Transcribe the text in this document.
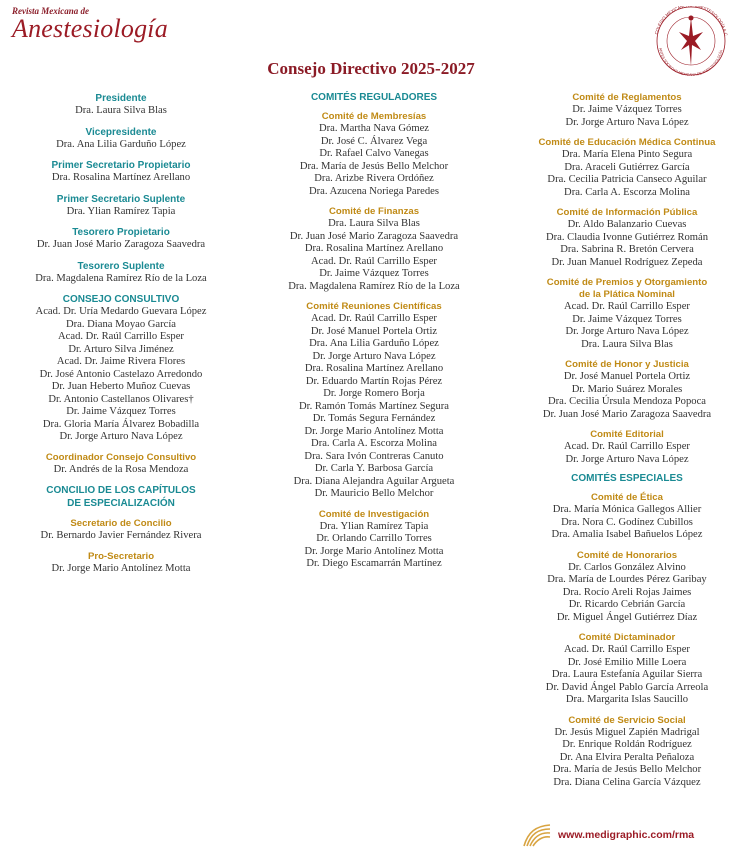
Revista Mexicana de
Anestesiología	COLEGIO MEXICANO NESTESIOLOGÍA A.C.
ANTES SOCIEDAD MEXICANA DE ANESTESIOLOGÍA
Consejo Directivo 2025-2027
Presidente
Dra. Laura Silva Blas
Vicepresidente
Dra. Ana Lilia Garduño López
Primer Secretario Propietario
Dra. Rosalina Martínez Arellano
Primer Secretario Suplente
Dra. Ylian Ramírez Tapia
Tesorero Propietario
Dr. Juan José Mario Zaragoza Saavedra
Tesorero Suplente
Dra. Magdalena Ramírez Río de la Loza
CONSEJO CONSULTIVO
Acad. Dr. Uría Medardo Guevara López
Dra. Diana Moyao García
Acad. Dr. Raúl Carrillo Esper
Dr. Arturo Silva Jiménez
Acad. Dr. Jaime Rivera Flores
Dr. José Antonio Castelazo Arredondo
Dr. Juan Heberto Muñoz Cuevas
Dr. Antonio Castellanos Olivares†
Dr. Jaime Vázquez Torres
Dra. Gloria María Álvarez Bobadilla
Dr. Jorge Arturo Nava López
Coordinador Consejo Consultivo
Dr. Andrés de la Rosa Mendoza
CONCILIO DE LOS CAPÍTULOS
DE ESPECIALIZACIÓN
Secretario de Concilio
Dr. Bernardo Javier Fernández Rivera
Pro-Secretario
Dr. Jorge Mario Antolínez Motta
COMITÉS REGULADORES
Comité de Membresías
Dra. Martha Nava Gómez
Dr. José C. Álvarez Vega
Dr. Rafael Calvo Vanegas
Dra. María de Jesús Bello Melchor
Dra. Arizbe Rivera Ordóñez
Dra. Azucena Noriega Paredes
Comité de Finanzas
Dra. Laura Silva Blas
Dr. Juan José Mario Zaragoza Saavedra
Dra. Rosalina Martínez Arellano
Acad. Dr. Raúl Carrillo Esper
Dr. Jaime Vázquez Torres
Dra. Magdalena Ramírez Río de la Loza
Comité Reuniones Científicas
Acad. Dr. Raúl Carrillo Esper
Dr. José Manuel Portela Ortiz
Dra. Ana Lilia Garduño López
Dr. Jorge Arturo Nava López
Dra. Rosalina Martínez Arellano
Dr. Eduardo Martín Rojas Pérez
Dr. Jorge Romero Borja
Dr. Ramón Tomás Martínez Segura
Dr. Tomás Segura Fernández
Dr. Jorge Mario Antolínez Motta
Dra. Carla A. Escorza Molina
Dra. Sara Ivón Contreras Canuto
Dr. Carla Y. Barbosa García
Dra. Diana Alejandra Aguilar Argueta
Dr. Mauricio Bello Melchor
Comité de Investigación
Dra. Ylian Ramírez Tapia
Dr. Orlando Carrillo Torres
Dr. Jorge Mario Antolínez Motta
Dr. Diego Escamarrán Martínez
Comité de Reglamentos
Dr. Jaime Vázquez Torres
Dr. Jorge Arturo Nava López
Comité de Educación Médica Continua
Dra. María Elena Pinto Segura
Dra. Araceli Gutiérrez García
Dra. Cecilia Patricia Canseco Aguilar
Dra. Carla A. Escorza Molina
Comité de Información Pública
Dr. Aldo Balanzario Cuevas
Dra. Claudia Ivonne Gutiérrez Román
Dra. Sabrina R. Bretón Cervera
Dr. Juan Manuel Rodríguez Zepeda
Comité de Premios y Otorgamiento
de la Plática Nominal
Acad. Dr. Raúl Carrillo Esper
Dr. Jaime Vázquez Torres
Dr. Jorge Arturo Nava López
Dra. Laura Silva Blas
Comité de Honor y Justicia
Dr. José Manuel Portela Ortiz
Dr. Mario Suárez Morales
Dra. Cecilia Úrsula Mendoza Popoca
Dr. Juan José Mario Zaragoza Saavedra
Comité Editorial
Acad. Dr. Raúl Carrillo Esper
Dr. Jorge Arturo Nava López
COMITÉS ESPECIALES
Comité de Ética
Dra. María Mónica Gallegos Allier
Dra. Nora C. Godínez Cubillos
Dra. Amalia Isabel Bañuelos López
Comité de Honorarios
Dr. Carlos González Alvino
Dra. María de Lourdes Pérez Garibay
Dra. Rocío Areli Rojas Jaimes
Dr. Ricardo Cebrián García
Dr. Miguel Ángel Gutiérrez Díaz
Comité Dictaminador
Acad. Dr. Raúl Carrillo Esper
Dr. José Emilio Mille Loera
Dra. Laura Estefanía Aguilar Sierra
Dr. David Ángel Pablo García Arreola
Dra. Margarita Islas Saucillo
Comité de Servicio Social
Dr. Jesús Miguel Zapién Madrigal
Dr. Enrique Roldán Rodríguez
Dr. Ana Elvira Peralta Peñaloza
Dra. María de Jesús Bello Melchor
Dra. Diana Celina García Vázquez
www.medigraphic.com/rma
